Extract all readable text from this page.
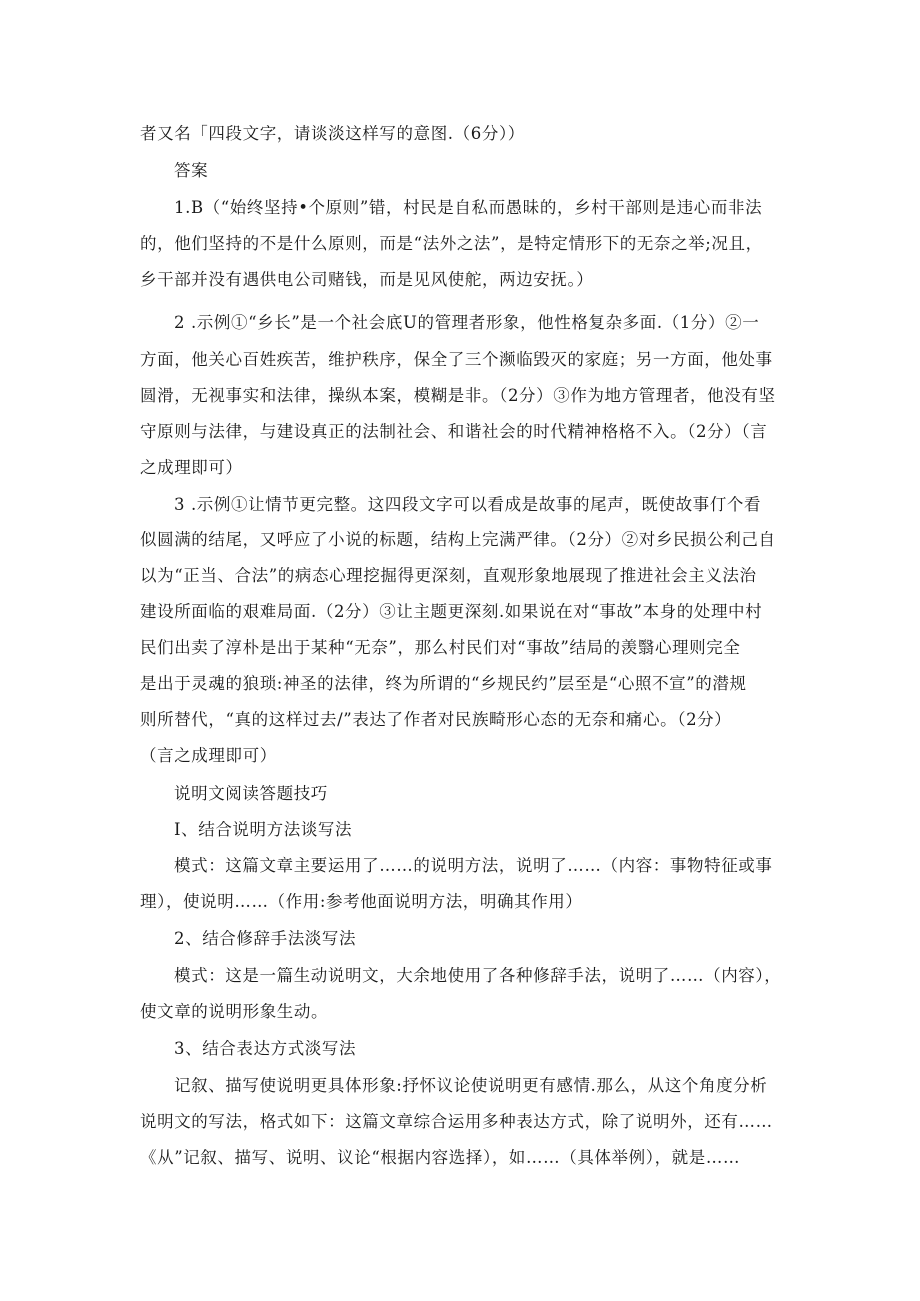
者又名「四段文字，请谈淡这样写的意图.（6分））
答案
1.B（“始终坚持•个原则”错，村民是自私而愚昧的，乡村干部则是违心而非法
的，他们坚持的不是什么原则，而是“法外之法”，是特定情形下的无奈之举;况且，
乡干部并没有遇供电公司赌钱，而是见风使舵，两边安抚。）
2 .示例①“乡长”是一个社会底U的管理者形象，他性格复杂多面.（1分）②一
方面，他关心百姓疾苦，维护秩序，保全了三个濒临毁灭的家庭；另一方面，他处事
圆滑，无视事实和法律，操纵本案，模糊是非。（2分）③作为地方管理者，他没有坚
守原则与法律，与建设真正的法制社会、和谐社会的时代精神格格不入。（2分）（言
之成理即可）
3 .示例①让情节更完整。这四段文字可以看成是故事的尾声，既使故事仃个看
似圆满的结尾，又呼应了小说的标题，结构上完满严律。（2分）②对乡民损公利己自
以为“正当、合法”的病态心理挖掘得更深刻，直观形象地展现了推进社会主义法治
建设所面临的艰难局面.（2分）③让主题更深刻.如果说在对“事故”本身的处理中村
民们出卖了淳朴是出于某种“无奈”，那么村民们对“事故”结局的羡翳心理则完全
是出于灵魂的狼琐:神圣的法律，终为所谓的“乡规民约”层至是“心照不宣”的潜规
则所替代，“真的这样过去/”表达了作者对民族畸形心态的无奈和痛心。（2分）
（言之成理即可）
说明文阅读答题技巧
I、结合说明方法谈写法
模式：这篇文章主要运用了……的说明方法，说明了……（内容：事物特征或事
理），使说明……（作用:参考他面说明方法，明确其作用）
2、结合修辞手法淡写法
模式：这是一篇生动说明文，大余地使用了各种修辞手法，说明了……（内容），
使文章的说明形象生动。
3、结合表达方式淡写法
记叙、描写使说明更具体形象:抒怀议论使说明更有感情.那么，从这个角度分析
说明文的写法，格式如下：这篇文章综合运用多种表达方式，除了说明外，还有……
《从”记叙、描写、说明、议论“根据内容选择），如……（具体举例），就是……
